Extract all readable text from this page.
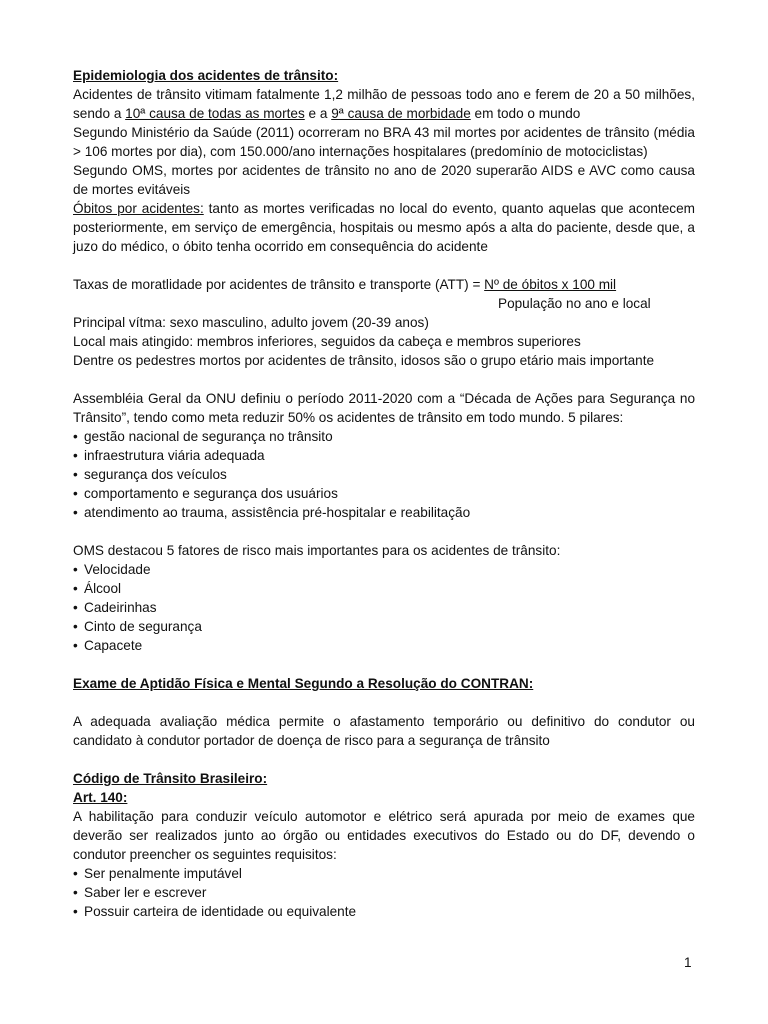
Epidemiologia dos acidentes de trânsito:

Acidentes de trânsito vitimam fatalmente 1,2 milhão de pessoas todo ano e ferem de 20 a 50 milhões, sendo a 10ª causa de todas as mortes e a 9ª causa de morbidade em todo o mundo

Segundo Ministério da Saúde (2011) ocorreram no BRA 43 mil mortes por acidentes de trânsito (média > 106 mortes por dia), com 150.000/ano internações hospitalares (predomínio de motociclistas)

Segundo OMS, mortes por acidentes de trânsito no ano de 2020 superarão AIDS e AVC como causa de mortes evitáveis

Óbitos por acidentes: tanto as mortes verificadas no local do evento, quanto aquelas que acontecem posteriormente, em serviço de emergência, hospitais ou mesmo após a alta do paciente, desde que, a juzo do médico, o óbito tenha ocorrido em consequência do acidente

Taxas de moratlidade por acidentes de trânsito e transporte (ATT) = Nº de óbitos x 100 mil
População no ano e local

Principal vítma: sexo masculino, adulto jovem (20-39 anos)

Local mais atingido: membros inferiores, seguidos da cabeça e membros superiores

Dentre os pedestres mortos por acidentes de trânsito, idosos são o grupo etário mais importante

Assembléia Geral da ONU definiu o período 2011-2020 com a “Década de Ações para Segurança no Trânsito”, tendo como meta reduzir 50% os acidentes de trânsito em todo mundo. 5 pilares:

• gestão nacional de segurança no trânsito
• infraestrutura viária adequada
• segurança dos veículos
• comportamento e segurança dos usuários
• atendimento ao trauma, assistência pré-hospitalar e reabilitação

OMS destacou 5 fatores de risco mais importantes para os acidentes de trânsito:

• Velocidade
• Álcool
• Cadeirinhas
• Cinto de segurança
• Capacete

Exame de Aptidão Física e Mental Segundo a Resolução do CONTRAN:

A adequada avaliação médica permite o afastamento temporário ou definitivo do condutor ou candidato à condutor portador de doença de risco para a segurança de trânsito

Código de Trânsito Brasileiro:

Art. 140:

A habilitação para conduzir veículo automotor e elétrico será apurada por meio de exames que deverão ser realizados junto ao órgão ou entidades executivos do Estado ou do DF, devendo o condutor preencher os seguintes requisitos:

• Ser penalmente imputável
• Saber ler e escrever
• Possuir carteira de identidade ou equivalente
1
